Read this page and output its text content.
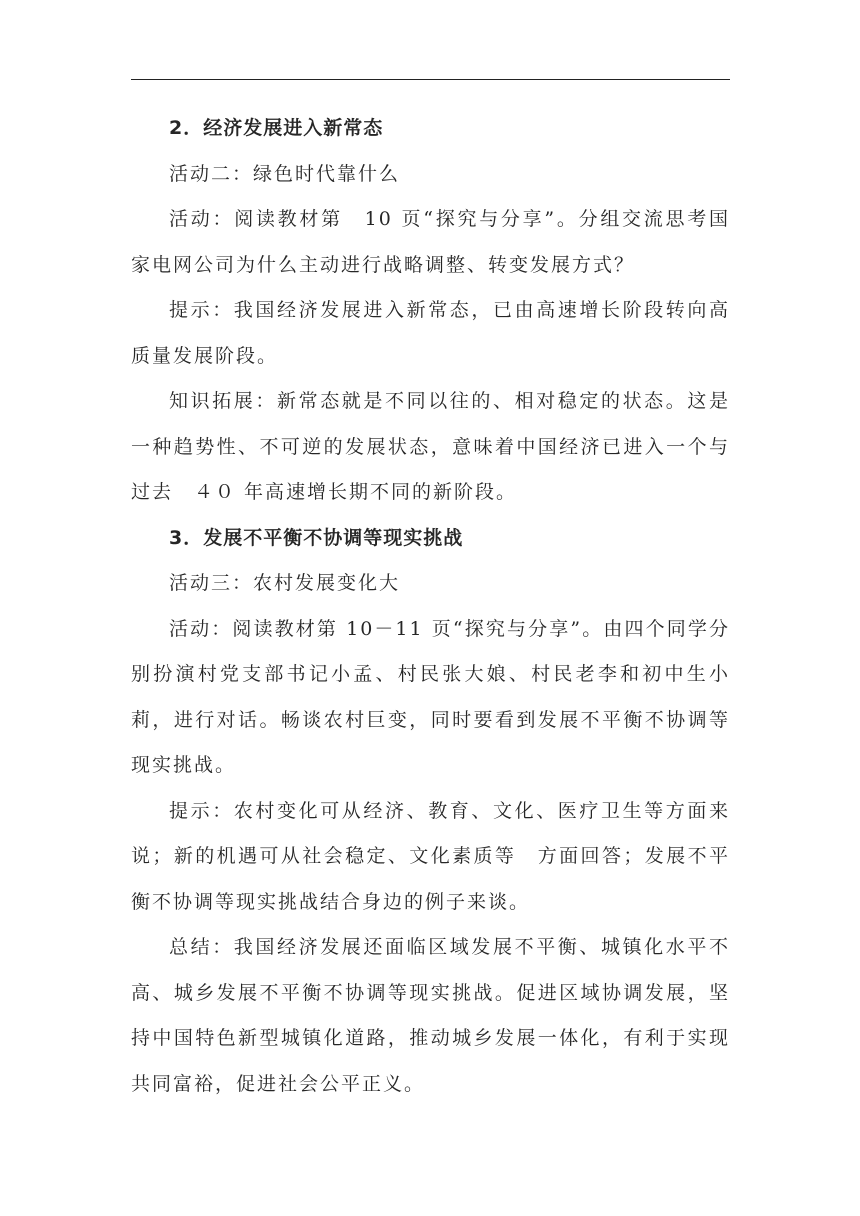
2．经济发展进入新常态

活动二：绿色时代靠什么

活动：阅读教材第　10 页“探究与分享”。分组交流思考国家电网公司为什么主动进行战略调整、转变发展方式？

提示：我国经济发展进入新常态，已由高速增长阶段转向高质量发展阶段。

知识拓展：新常态就是不同以往的、相对稳定的状态。这是一种趋势性、不可逆的发展状态，意味着中国经济已进入一个与过去　４０ 年高速增长期不同的新阶段。

3．发展不平衡不协调等现实挑战

活动三：农村发展变化大

活动：阅读教材第 10－11 页“探究与分享”。由四个同学分别扮演村党支部书记小孟、村民张大娘、村民老李和初中生小莉，进行对话。畅谈农村巨变，同时要看到发展不平衡不协调等现实挑战。

提示：农村变化可从经济、教育、文化、医疗卫生等方面来说；新的机遇可从社会稳定、文化素质等　方面回答；发展不平衡不协调等现实挑战结合身边的例子来谈。

总结：我国经济发展还面临区域发展不平衡、城镇化水平不高、城乡发展不平衡不协调等现实挑战。促进区域协调发展，坚持中国特色新型城镇化道路，推动城乡发展一体化，有利于实现共同富裕，促进社会公平正义。
